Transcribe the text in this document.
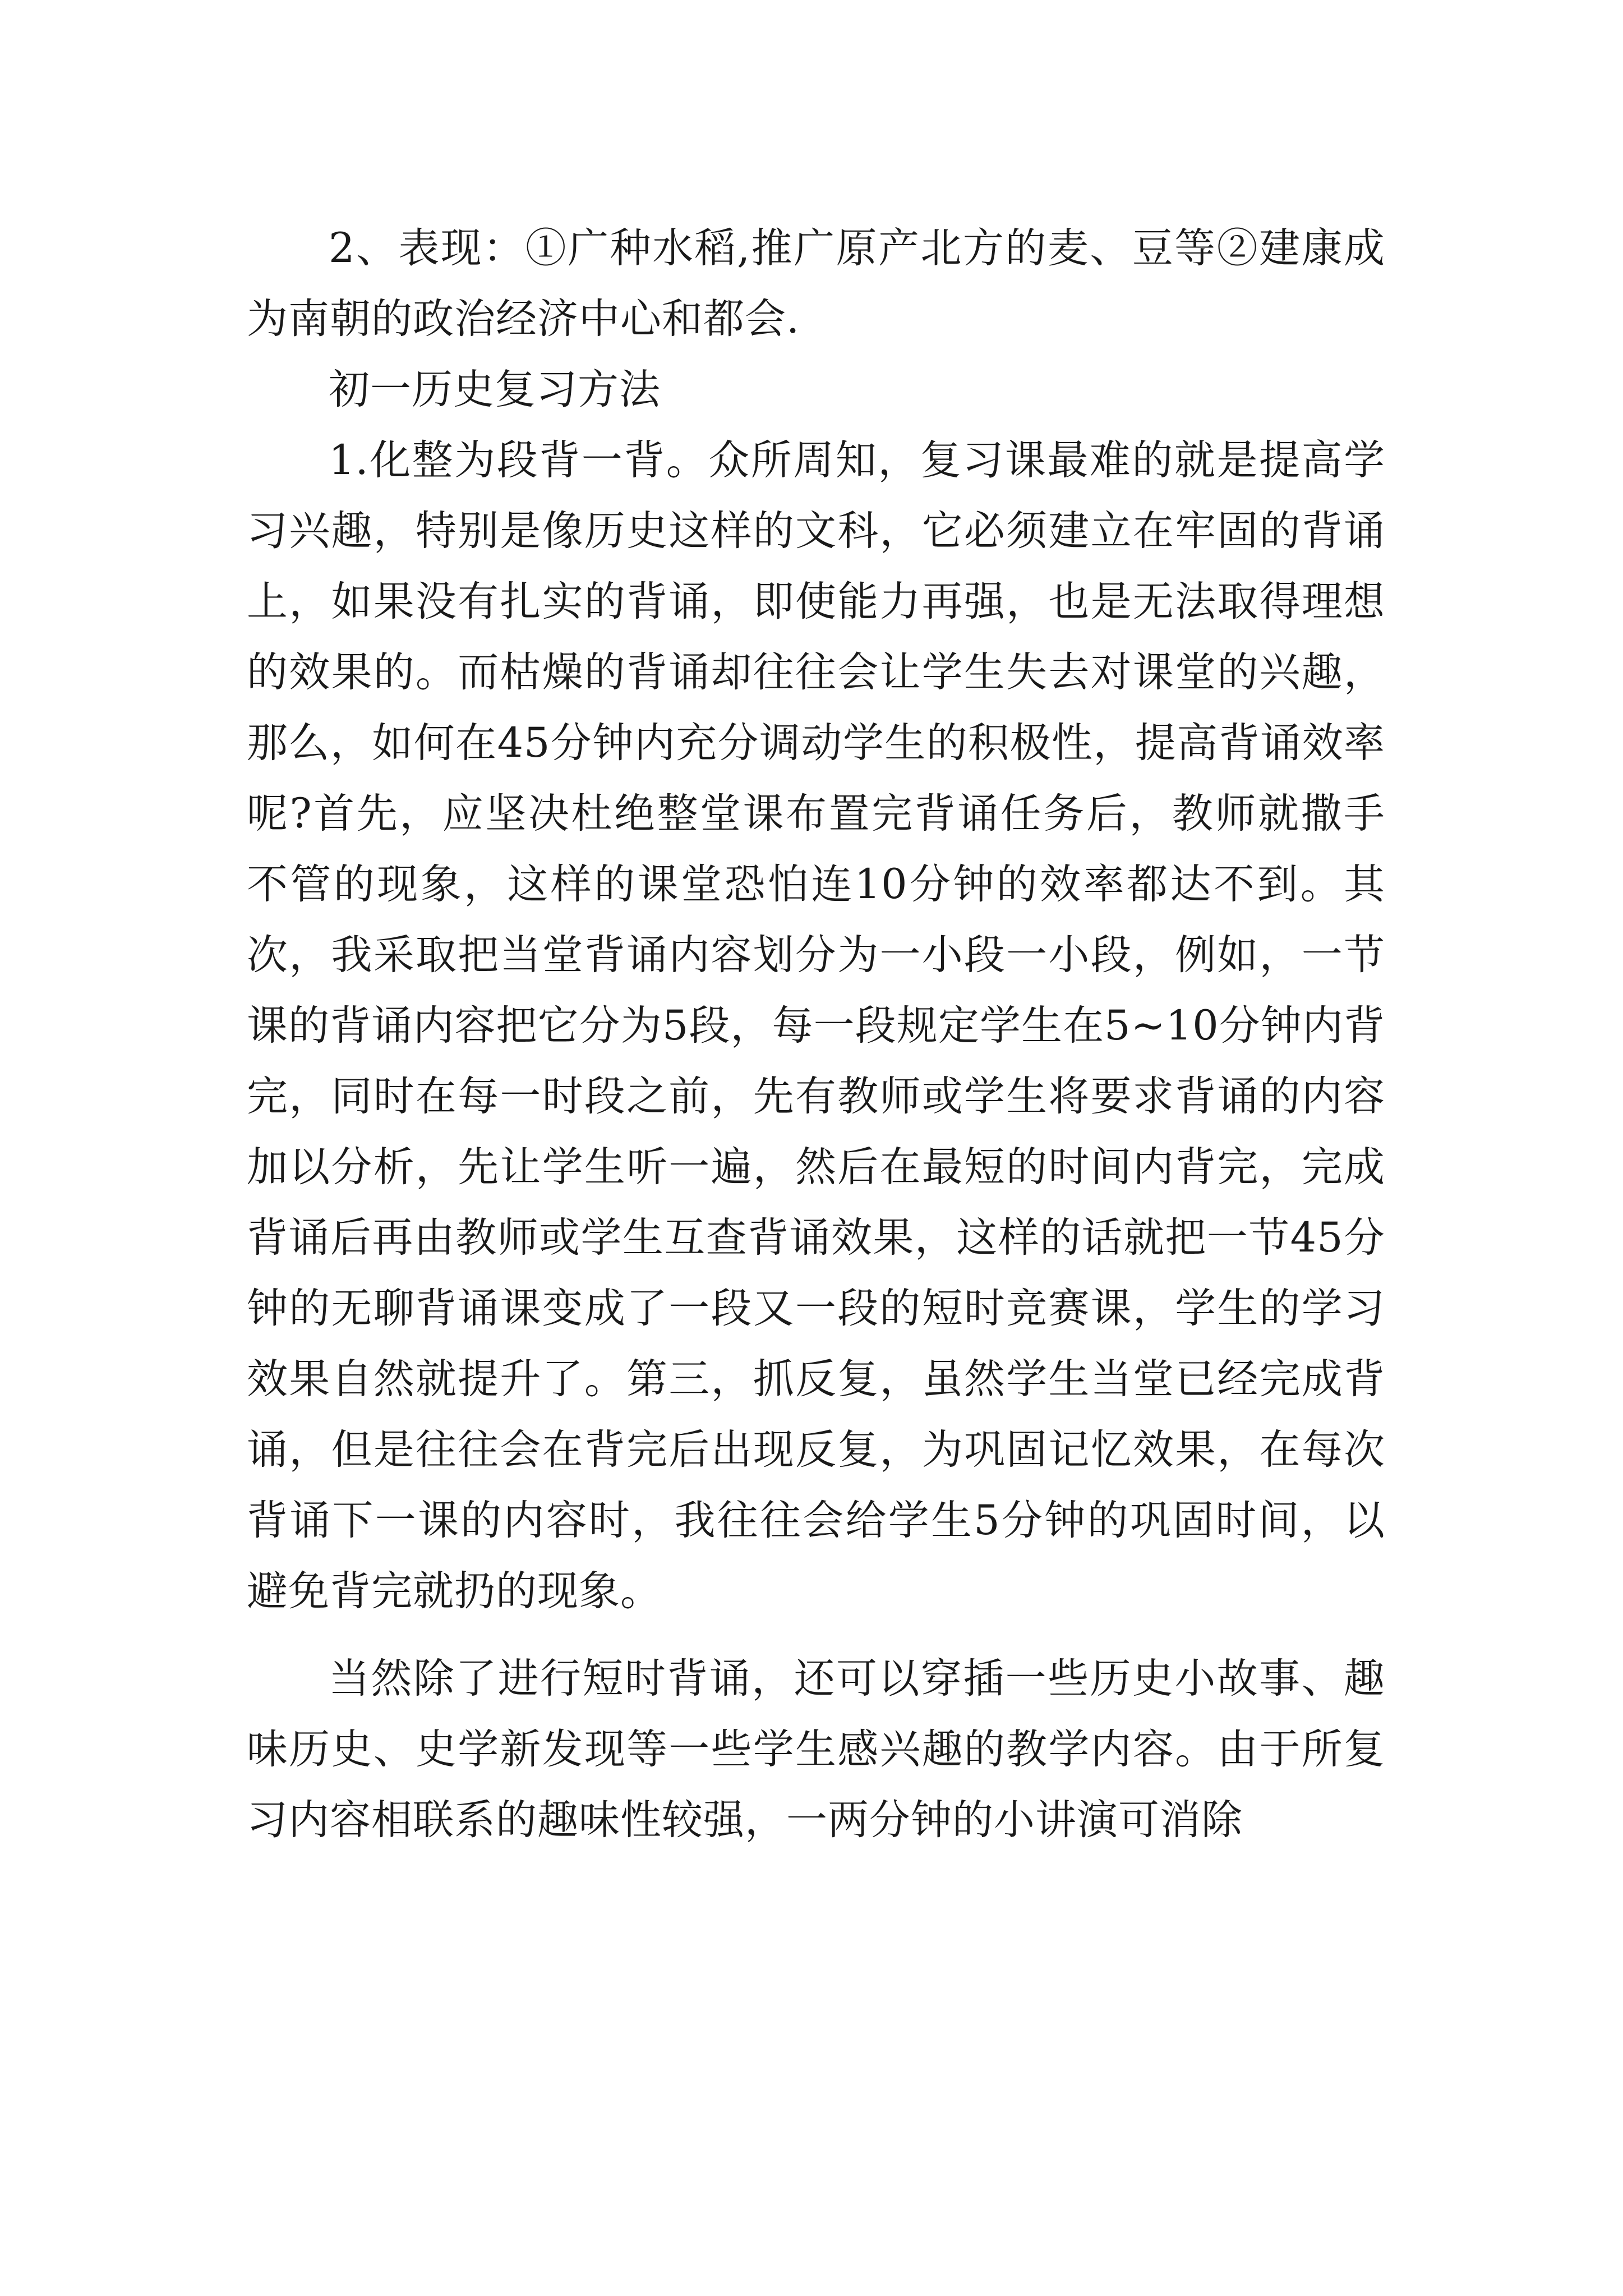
2、表现：①广种水稻,推广原产北方的麦、豆等②建康成为南朝的政治经济中心和都会.

初一历史复习方法

1.化整为段背一背。众所周知，复习课最难的就是提高学习兴趣，特别是像历史这样的文科，它必须建立在牢固的背诵上，如果没有扎实的背诵，即使能力再强，也是无法取得理想的效果的。而枯燥的背诵却往往会让学生失去对课堂的兴趣，那么，如何在45分钟内充分调动学生的积极性，提高背诵效率呢?首先，应坚决杜绝整堂课布置完背诵任务后，教师就撒手不管的现象，这样的课堂恐怕连10分钟的效率都达不到。其次，我采取把当堂背诵内容划分为一小段一小段，例如，一节课的背诵内容把它分为5段，每一段规定学生在5~10分钟内背完，同时在每一时段之前，先有教师或学生将要求背诵的内容加以分析，先让学生听一遍，然后在最短的时间内背完，完成背诵后再由教师或学生互查背诵效果，这样的话就把一节45分钟的无聊背诵课变成了一段又一段的短时竞赛课，学生的学习效果自然就提升了。第三，抓反复，虽然学生当堂已经完成背诵，但是往往会在背完后出现反复，为巩固记忆效果，在每次背诵下一课的内容时，我往往会给学生5分钟的巩固时间，以避免背完就扔的现象。

当然除了进行短时背诵，还可以穿插一些历史小故事、趣味历史、史学新发现等一些学生感兴趣的教学内容。由于所复习内容相联系的趣味性较强，一两分钟的小讲演可消除
